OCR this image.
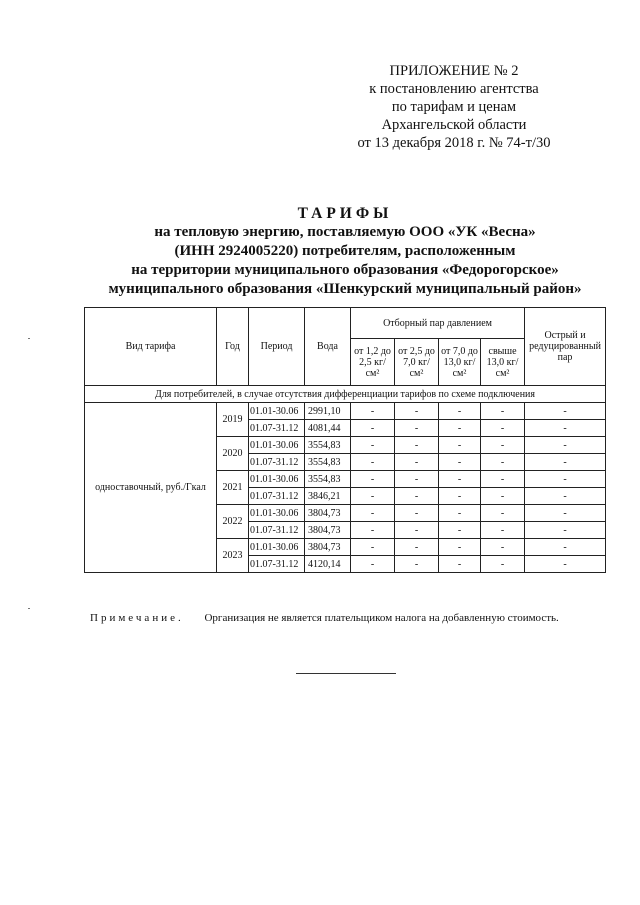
ПРИЛОЖЕНИЕ № 2
к постановлению агентства
по тарифам и ценам
Архангельской области
от 13 декабря 2018 г. № 74-т/30
ТАРИФЫ
на тепловую энергию, поставляемую ООО «УК «Весна»
(ИНН 2924005220) потребителям, расположенным
на территории муниципального образования «Федорогорское»
муниципального образования «Шенкурский муниципальный район»
Вид тарифа	Год	Период	Вода	Отборный пар давлением				Острый и редуцированный пар
				от 1,2 до 2,5 кг/см²	от 2,5 до 7,0 кг/см²	от 7,0 до 13,0 кг/см²	свыше 13,0 кг/см²	
Для потребителей, в случае отсутствия дифференциации тарифов по схеме подключения								
одноставочный, руб./Гкал	2019	01.01-30.06	2991,10	-	-	-	-	-
		01.07-31.12	4081,44	-	-	-	-	-
	2020	01.01-30.06	3554,83	-	-	-	-	-
		01.07-31.12	3554,83	-	-	-	-	-
	2021	01.01-30.06	3554,83	-	-	-	-	-
		01.07-31.12	3846,21	-	-	-	-	-
	2022	01.01-30.06	3804,73	-	-	-	-	-
		01.07-31.12	3804,73	-	-	-	-	-
	2023	01.01-30.06	3804,73	-	-	-	-	-
		01.07-31.12	4120,14	-	-	-	-	-
Примечание. Организация не является плательщиком налога на добавленную стоимость.
